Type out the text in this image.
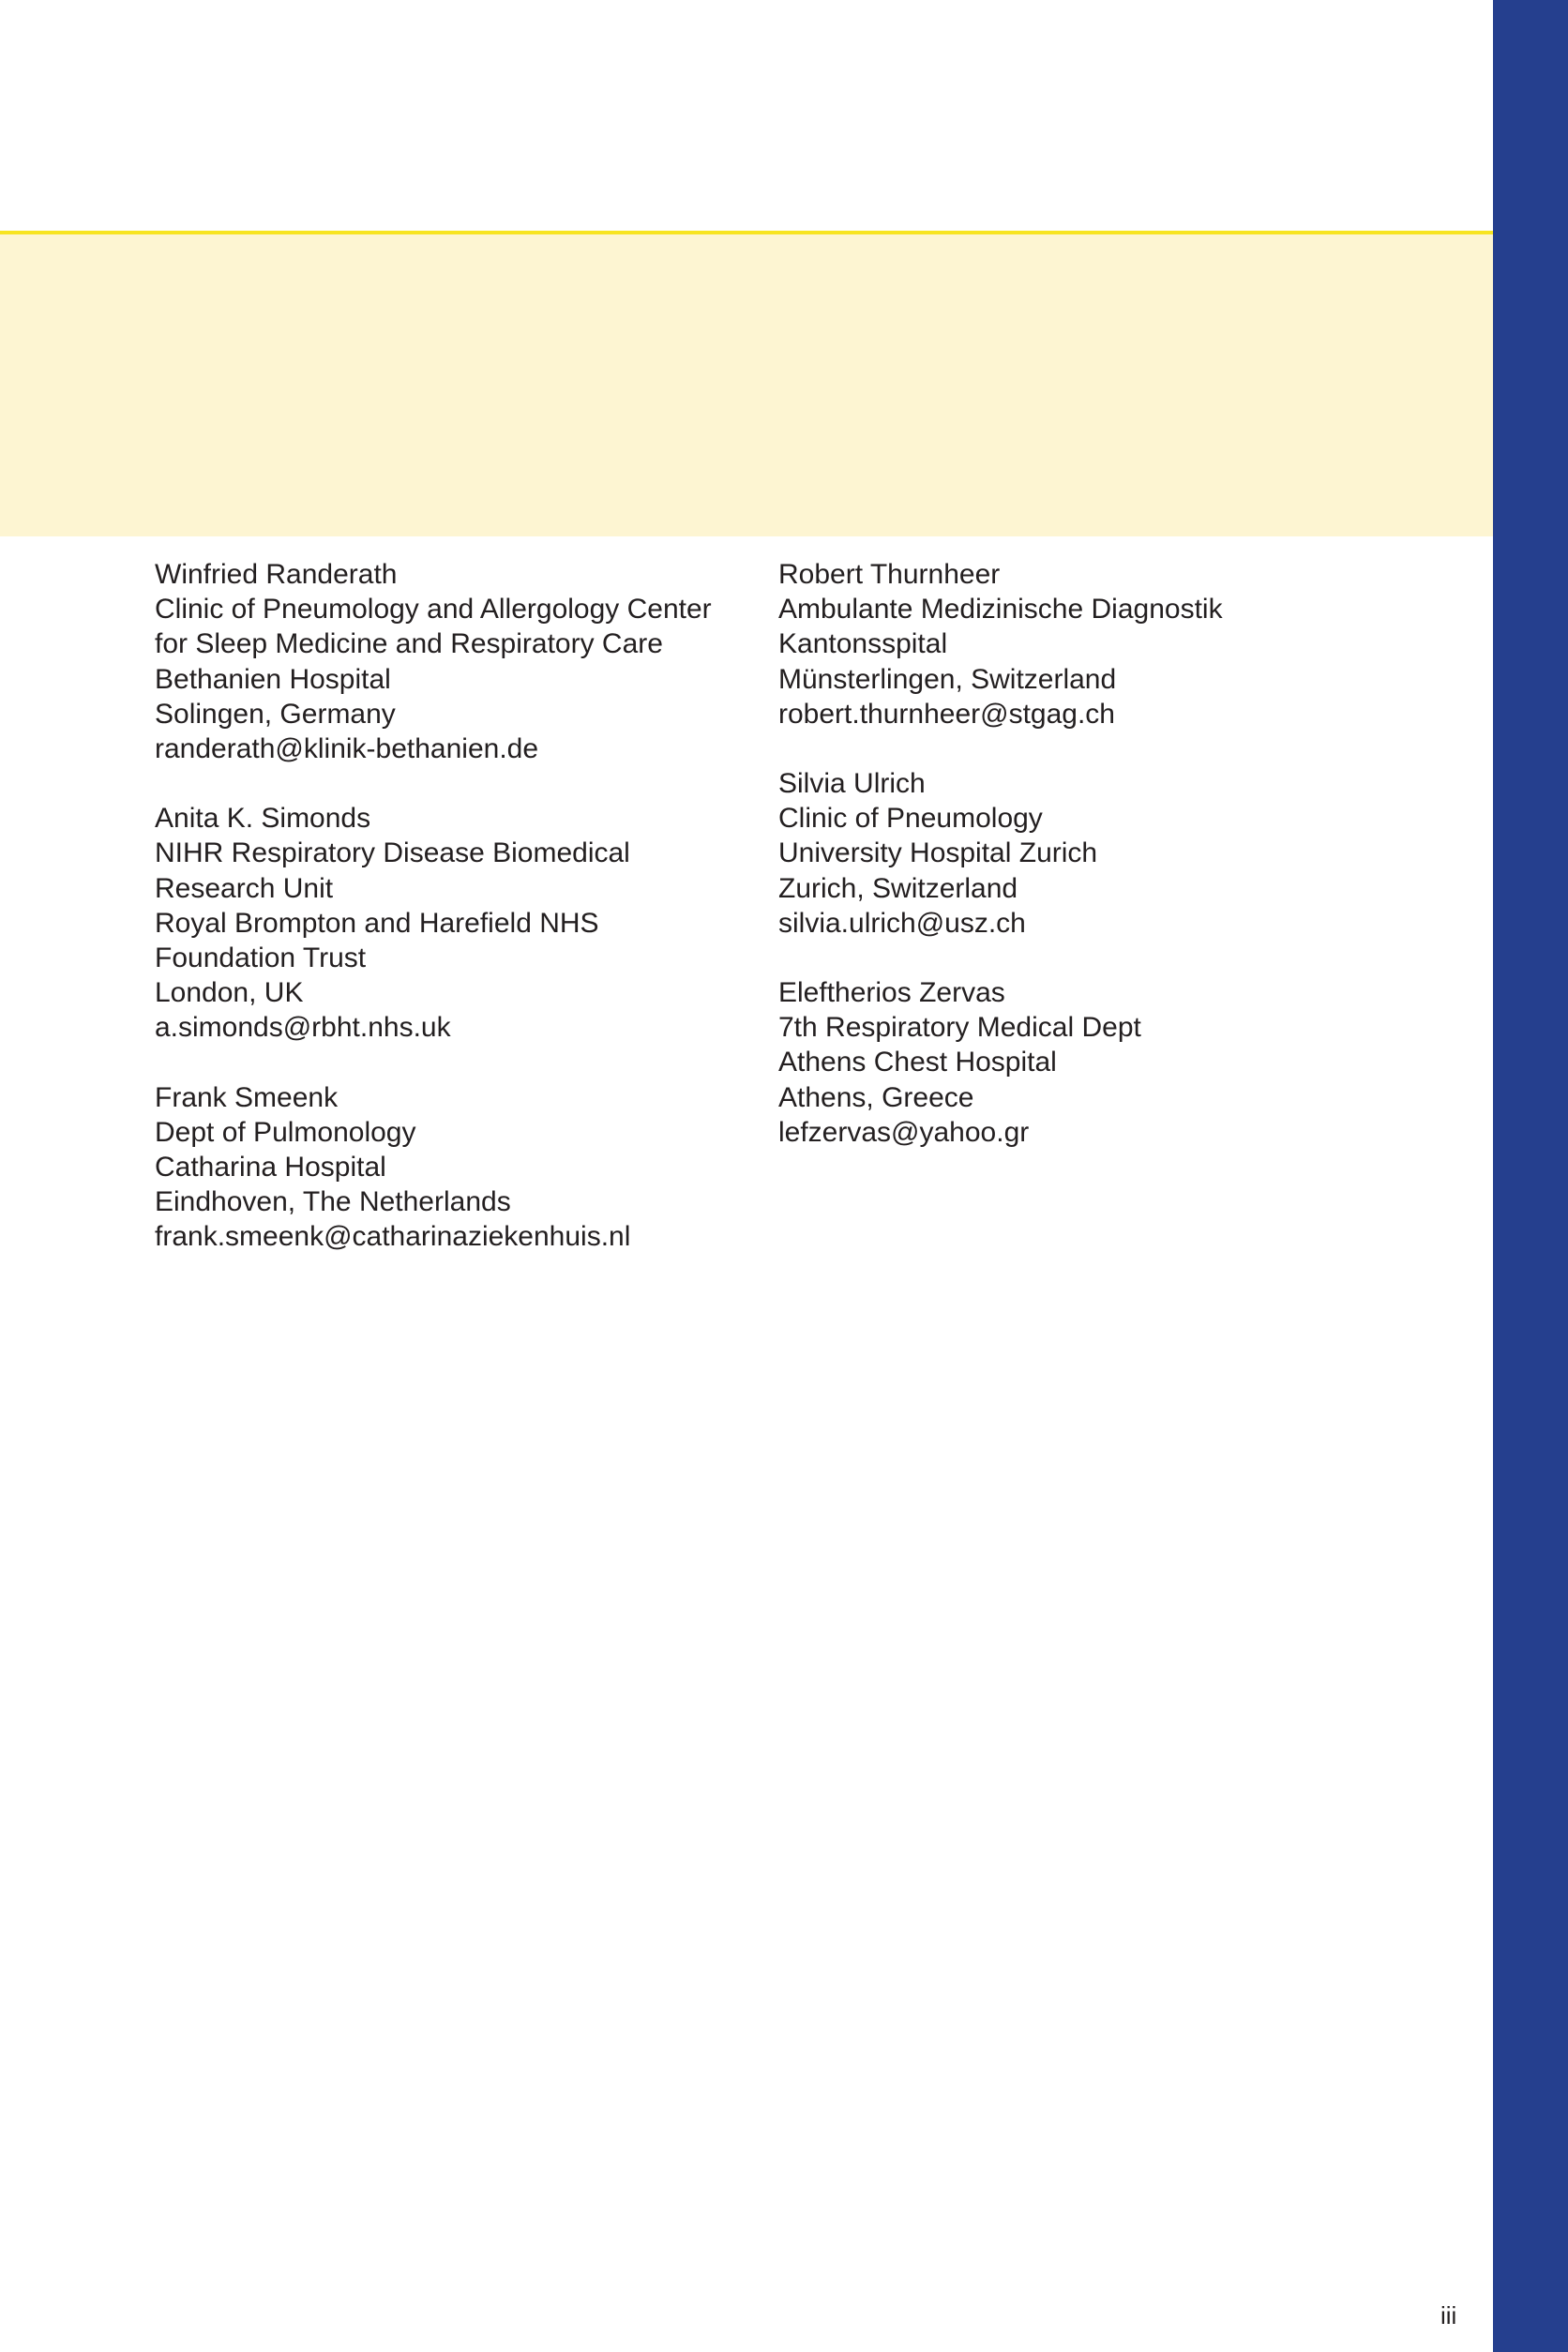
Winfried Randerath
Clinic of Pneumology and Allergology Center
for Sleep Medicine and Respiratory Care
Bethanien Hospital
Solingen, Germany
randerath@klinik-bethanien.de
Anita K. Simonds
NIHR Respiratory Disease Biomedical
Research Unit
Royal Brompton and Harefield NHS
Foundation Trust
London, UK
a.simonds@rbht.nhs.uk
Frank Smeenk
Dept of Pulmonology
Catharina Hospital
Eindhoven, The Netherlands
frank.smeenk@catharinaziekenhuis.nl
Robert Thurnheer
Ambulante Medizinische Diagnostik
Kantonsspital
Münsterlingen, Switzerland
robert.thurnheer@stgag.ch
Silvia Ulrich
Clinic of Pneumology
University Hospital Zurich
Zurich, Switzerland
silvia.ulrich@usz.ch
Eleftherios Zervas
7th Respiratory Medical Dept
Athens Chest Hospital
Athens, Greece
lefzervas@yahoo.gr
iii
